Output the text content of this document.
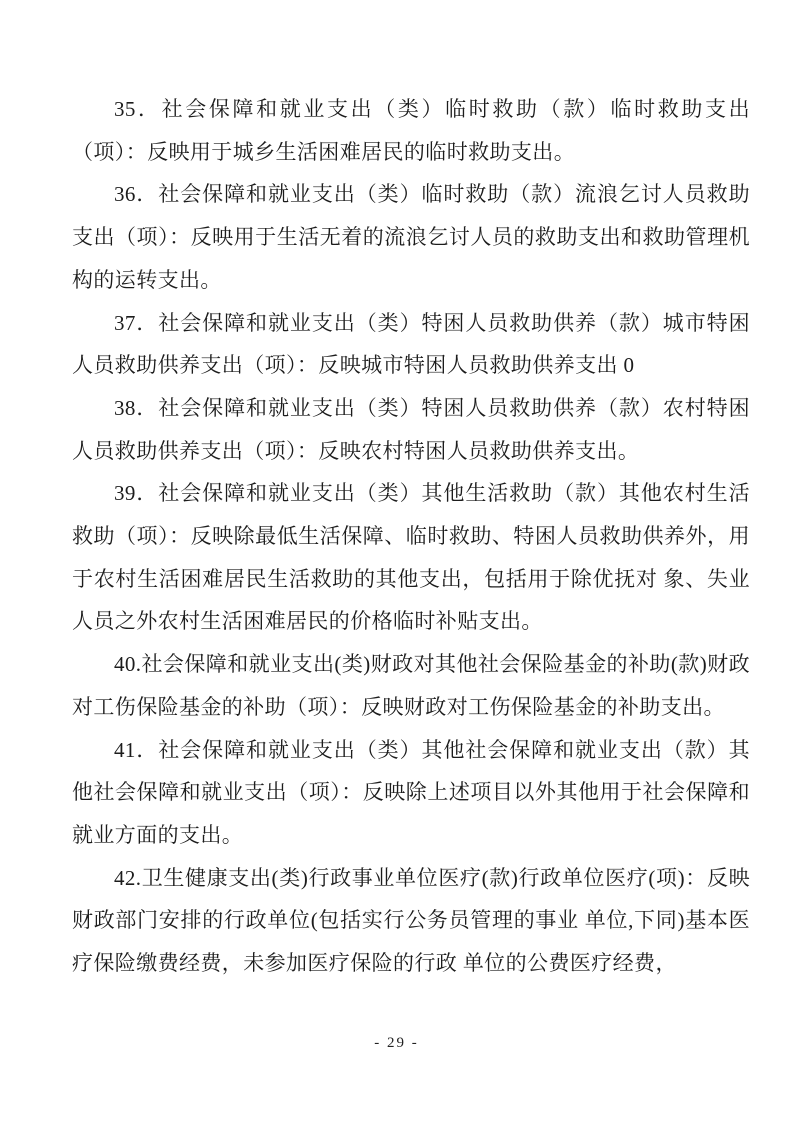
35．社会保障和就业支出（类）临时救助（款）临时救助支出（项）：反映用于城乡生活困难居民的临时救助支出。

36．社会保障和就业支出（类）临时救助（款）流浪乞讨人员救助支出（项）：反映用于生活无着的流浪乞讨人员的救助支出和救助管理机 构的运转支出。

37．社会保障和就业支出（类）特困人员救助供养（款）城市特困人员救助供养支出（项）：反映城市特困人员救助供养支出 0

38．社会保障和就业支出（类）特困人员救助供养（款）农村特困人员救助供养支出（项）：反映农村特困人员救助供养支出。

39．社会保障和就业支出（类）其他生活救助（款）其他农村生活救助（项）：反映除最低生活保障、临时救助、特困人员救助供养外，用 于农村生活困难居民生活救助的其他支出，包括用于除优抚对 象、失业人员之外农村生活困难居民的价格临时补贴支出。

40.社会保障和就业支出(类)财政对其他社会保险基金的补助(款)财政对工伤保险基金的补助（项）：反映财政对工伤保险基金的补助支出。

41．社会保障和就业支出（类）其他社会保障和就业支出（款）其他社会保障和就业支出（项）：反映除上述项目以外其他用于社会保障和就业方面的支出。

42.卫生健康支出(类)行政事业单位医疗(款)行政单位医疗(项)：反映财政部门安排的行政单位(包括实行公务员管理的事业 单位,下同)基本医疗保险缴费经费，未参加医疗保险的行政 单位的公费医疗经费，

- 29 -
